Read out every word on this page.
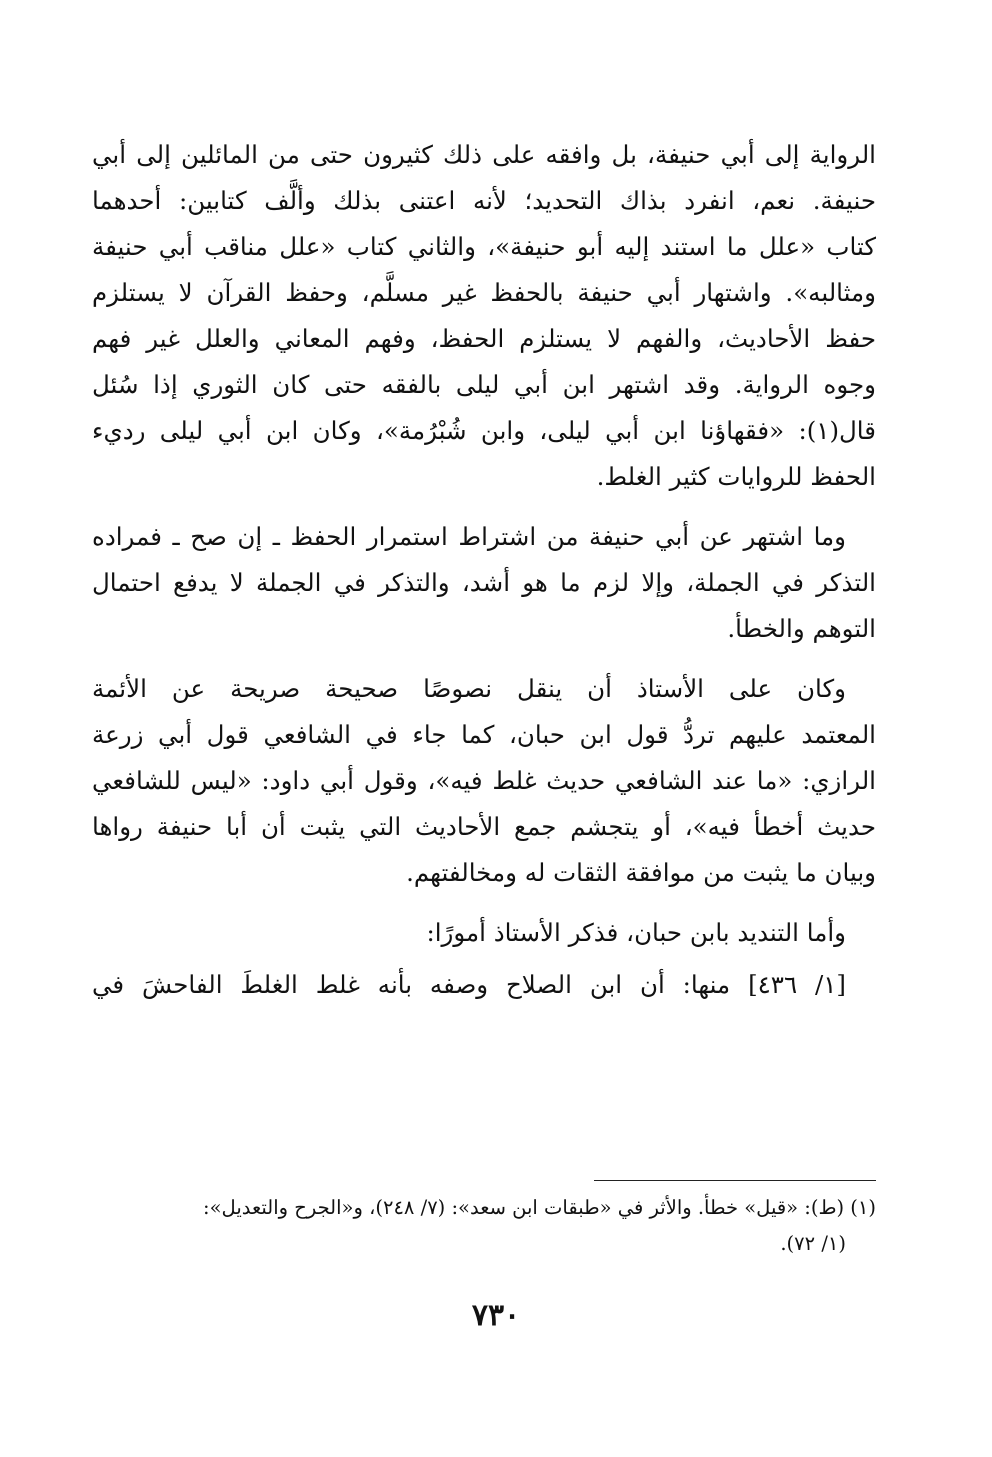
الرواية إلى أبي حنيفة، بل وافقه على ذلك كثيرون حتى من المائلين إلى أبي
حنيفة. نعم، انفرد بذاك التحديد؛ لأنه اعتنى بذلك وألَّف كتابين: أحدهما
كتاب «علل ما استند إليه أبو حنيفة»، والثاني كتاب «علل مناقب أبي حنيفة
ومثالبه». واشتهار أبي حنيفة بالحفظ غير مسلَّم، وحفظ القرآن لا يستلزم
حفظ الأحاديث، والفهم لا يستلزم الحفظ، وفهم المعاني والعلل غير فهم
وجوه الرواية. وقد اشتهر ابن أبي ليلى بالفقه حتى كان الثوري إذا سُئل
قال(١): «فقهاؤنا ابن أبي ليلى، وابن شُبْرُمة»، وكان ابن أبي ليلى رديء
الحفظ للروايات كثير الغلط.
وما اشتهر عن أبي حنيفة من اشتراط استمرار الحفظ ـ إن صح ـ فمراده
التذكر في الجملة، وإلا لزم ما هو أشد، والتذكر في الجملة لا يدفع احتمال
التوهم والخطأ.
وكان على الأستاذ أن ينقل نصوصًا صحيحة صريحة عن الأئمة
المعتمد عليهم تردُّ قول ابن حبان، كما جاء في الشافعي قول أبي زرعة
الرازي: «ما عند الشافعي حديث غلط فيه»، وقول أبي داود: «ليس للشافعي
حديث أخطأ فيه»، أو يتجشم جمع الأحاديث التي يثبت أن أبا حنيفة رواها
وبيان ما يثبت من موافقة الثقات له ومخالفتهم.
وأما التنديد بابن حبان، فذكر الأستاذ أمورًا:
[١/ ٤٣٦] منها: أن ابن الصلاح وصفه بأنه غلط الغلطَ الفاحشَ في
(١) (ط): «قيل» خطأ. والأثر في «طبقات ابن سعد»: (٧/ ٢٤٨)، و«الجرح والتعديل»:
(١/ ٧٢).
٧٣٠
